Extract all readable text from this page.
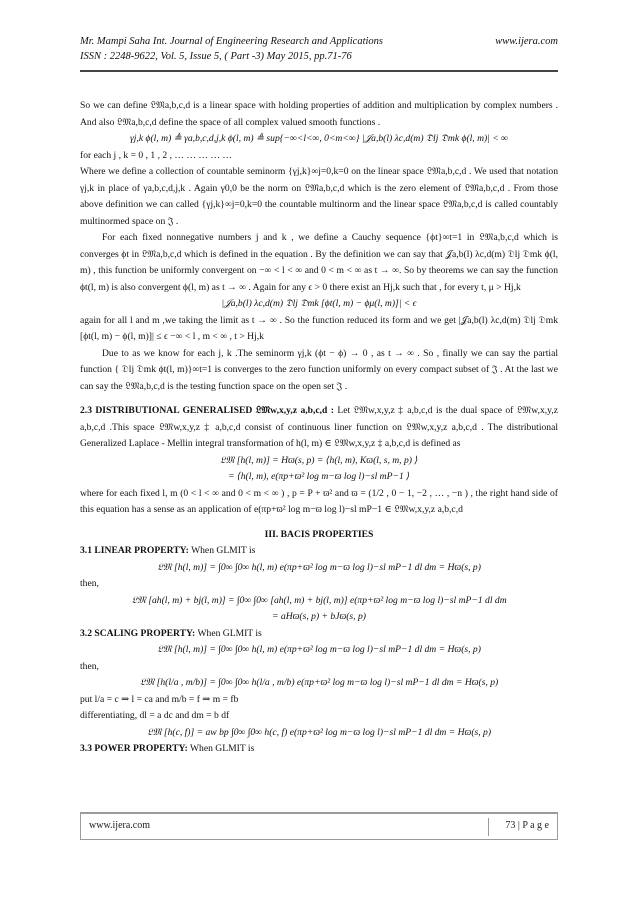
Mr. Mampi Saha Int. Journal of Engineering Research and Applications	www.ijera.com
ISSN : 2248-9622, Vol. 5, Issue 5, ( Part -3) May 2015, pp.71-76

So we can define 𝔏𝔐a,b,c,d is a linear space with holding properties of addition and multiplication by complex numbers . And also 𝔏𝔐a,b,c,d define the space of all complex valued smooth functions .

γj,k ϕ(l, m) ≜ γa,b,c,d,j,k ϕ(l, m) ≜ sup{−∞<l<∞, 0<m<∞} |𝒥a,b(l) λc,d(m) 𝔇lj 𝔇mk ϕ(l, m)| < ∞

for each j , k = 0 , 1 , 2 , … … … … …

Where we define a collection of countable seminorm {γj,k}∞j=0,k=0 on the linear space 𝔏𝔐a,b,c,d . We used that notation γj,k in place of γa,b,c,d,j,k . Again γ0,0 be the norm on 𝔏𝔐a,b,c,d which is the zero element of 𝔏𝔐a,b,c,d . From those above definition we can called {γj,k}∞j=0,k=0 the countable multinorm and the linear space 𝔏𝔐a,b,c,d is called countably multinormed space on 𝔍 .

For each fixed nonnegative numbers j and k , we define a Cauchy sequence {ϕt}∞t=1 in 𝔏𝔐a,b,c,d which is converges ϕt in 𝔏𝔐a,b,c,d which is defined in the equation . By the definition we can say that 𝒥a,b(l) λc,d(m) 𝔇lj 𝔇mk ϕ(l, m) , this function be uniformly convergent on −∞ < l < ∞ and 0 < m < ∞ as t → ∞. So by theorems we can say the function ϕt(l, m) is also convergent ϕ(l, m) as t → ∞ . Again for any ϵ > 0 there exist an Hj,k such that , for every t, μ > Hj,k

|𝒥a,b(l) λc,d(m) 𝔇lj 𝔇mk [ϕt(l, m) − ϕμ(l, m)]| < ϵ

again for all l and m ,we taking the limit as t → ∞ . So the function reduced its form and we get |𝒥a,b(l) λc,d(m) 𝔇lj 𝔇mk [ϕt(l, m) − ϕ(l, m)]| ≤ ϵ −∞ < l , m < ∞ , t > Hj,k

Due to as we know for each j, k .The seminorm γj,k (ϕt − ϕ) → 0 , as t → ∞ . So , finally we can say the partial function { 𝔇lj 𝔇mk ϕt(l, m)}∞t=1 is converges to the zero function uniformly on every compact subset of 𝔍 . At the last we can say the 𝔏𝔐a,b,c,d is the testing function space on the open set 𝔍 .

2.3 DISTRIBUTIONAL GENERALISED 𝔏𝔐w,x,y,z a,b,c,d : Let 𝔏𝔐w,x,y,z ‡ a,b,c,d is the dual space of 𝔏𝔐w,x,y,z a,b,c,d .This space 𝔏𝔐w,x,y,z ‡ a,b,c,d consist of continuous liner function on 𝔏𝔐w,x,y,z a,b,c,d . The distributional Generalized Laplace - Mellin integral transformation of h(l, m) ∈ 𝔏𝔐w,x,y,z ‡ a,b,c,d is defined as

𝔏𝔐 [h(l, m)] = Hϖ(s, p) = ⟨h(l, m), Kϖ(l, s, m, p) ⟩

= ⟨h(l, m), e(πp+ϖ² log m−ϖ log l)−sl mP−1 ⟩

where for each fixed l, m (0 < l < ∞ and 0 < m < ∞ ) , p = P + ϖ² and ϖ = (1/2 , 0 − 1, −2 , … , −n ) , the right hand side of this equation has a sense as an application of e(πp+ϖ² log m−ϖ log l)−sl mP−1 ∈ 𝔏𝔐w,x,y,z a,b,c,d

III. BACIS PROPERTIES

3.1 LINEAR PROPERTY: When GLMIT is

𝔏𝔐 [h(l, m)] = ∫0∞ ∫0∞ h(l, m) e(πp+ϖ² log m−ϖ log l)−sl mP−1 dl dm = Hϖ(s, p)

then,

𝔏𝔐 [ah(l, m) + bj(l, m)] = ∫0∞ ∫0∞ [ah(l, m) + bj(l, m)] e(πp+ϖ² log m−ϖ log l)−sl mP−1 dl dm

= aHϖ(s, p) + bJϖ(s, p)

3.2 SCALING PROPERTY: When GLMIT is

𝔏𝔐 [h(l, m)] = ∫0∞ ∫0∞ h(l, m) e(πp+ϖ² log m−ϖ log l)−sl mP−1 dl dm = Hϖ(s, p)

then,

𝔏𝔐 [h(l/a , m/b)] = ∫0∞ ∫0∞ h(l/a , m/b) e(πp+ϖ² log m−ϖ log l)−sl mP−1 dl dm = Hϖ(s, p)

put l/a = c ⇒ l = ca and m/b = f ⇒ m = fb

differentiating, dl = a dc and dm = b df

𝔏𝔐 [h(c, f)] = aw bp ∫0∞ ∫0∞ h(c, f) e(πp+ϖ² log m−ϖ log l)−sl mP−1 dl dm = Hϖ(s, p)

3.3 POWER PROPERTY: When GLMIT is

www.ijera.com	73 | P a g e
